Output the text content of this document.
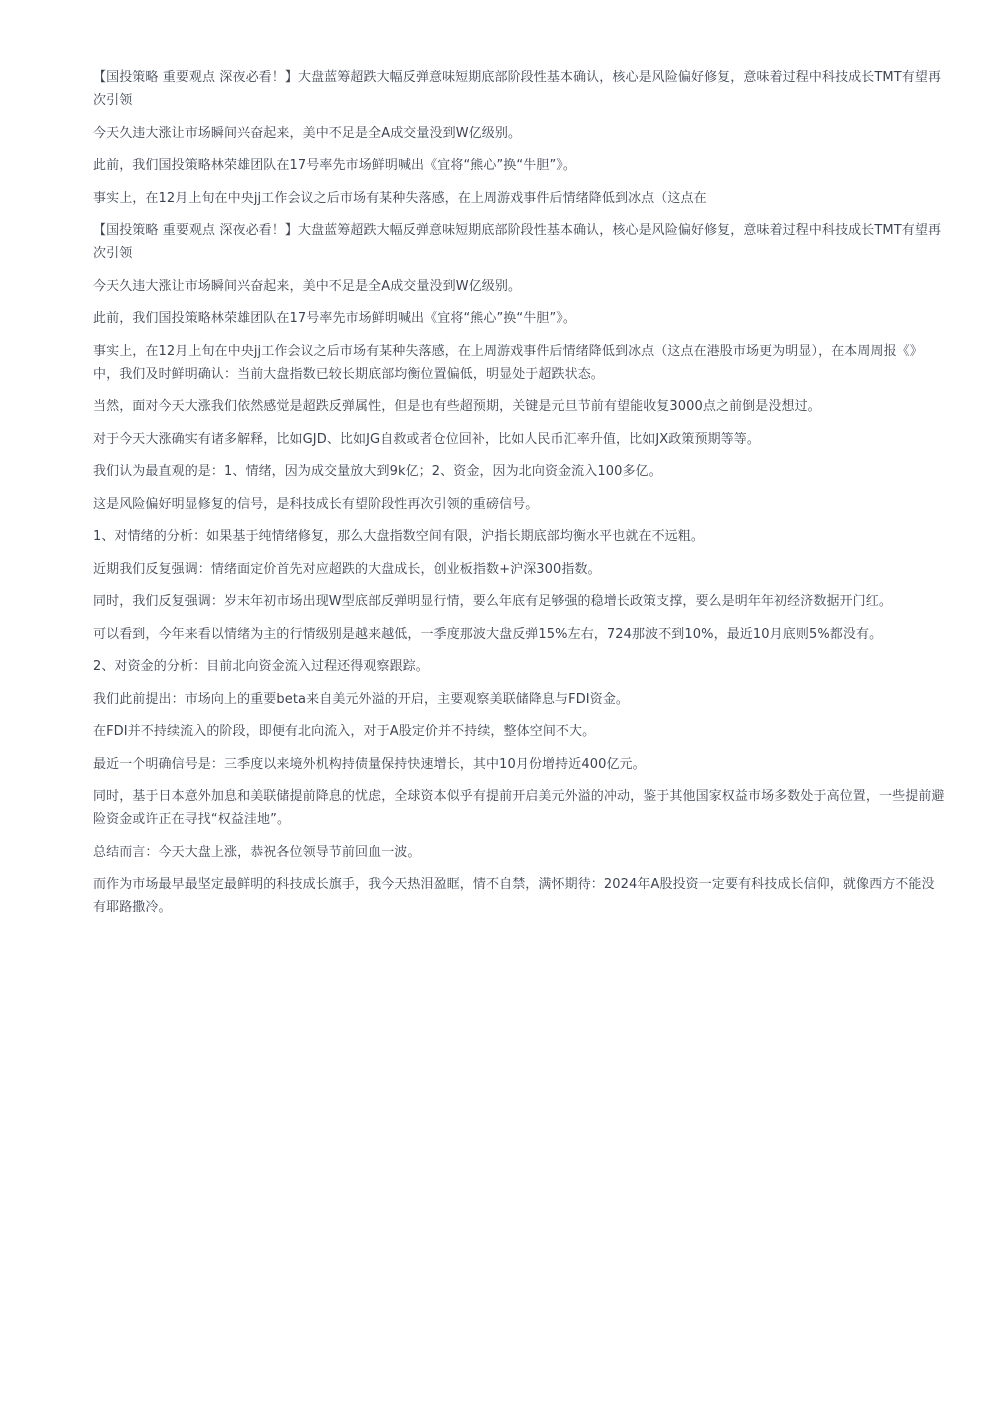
【国投策略 重要观点 深夜必看！】大盘蓝筹超跌大幅反弹意味短期底部阶段性基本确认，核心是风险偏好修复，意味着过程中科技成长TMT有望再次引领

今天久违大涨让市场瞬间兴奋起来，美中不足是全A成交量没到W亿级别。

此前，我们国投策略林荣雄团队在17号率先市场鲜明喊出《宜将“熊心”换“牛胆”》。

事实上，在12月上旬在中央jj工作会议之后市场有某种失落感，在上周游戏事件后情绪降低到冰点（这点在

【国投策略 重要观点 深夜必看！】大盘蓝筹超跌大幅反弹意味短期底部阶段性基本确认，核心是风险偏好修复，意味着过程中科技成长TMT有望再次引领

今天久违大涨让市场瞬间兴奋起来，美中不足是全A成交量没到W亿级别。

此前，我们国投策略林荣雄团队在17号率先市场鲜明喊出《宜将“熊心”换“牛胆”》。

事实上，在12月上旬在中央jj工作会议之后市场有某种失落感，在上周游戏事件后情绪降低到冰点（这点在港股市场更为明显），在本周周报《》中，我们及时鲜明确认：当前大盘指数已较长期底部均衡位置偏低，明显处于超跌状态。

当然，面对今天大涨我们依然感觉是超跌反弹属性，但是也有些超预期，关键是元旦节前有望能收复3000点之前倒是没想过。

对于今天大涨确实有诸多解释，比如GJD、比如JG自救或者仓位回补，比如人民币汇率升值，比如JX政策预期等等。

我们认为最直观的是：1、情绪，因为成交量放大到9k亿；2、资金，因为北向资金流入100多亿。

这是风险偏好明显修复的信号，是科技成长有望阶段性再次引领的重磅信号。

1、对情绪的分析：如果基于纯情绪修复，那么大盘指数空间有限，沪指长期底部均衡水平也就在不远粗。

近期我们反复强调：情绪面定价首先对应超跌的大盘成长，创业板指数+沪深300指数。

同时，我们反复强调：岁末年初市场出现W型底部反弹明显行情，要么年底有足够强的稳增长政策支撑，要么是明年年初经济数据开门红。

可以看到，今年来看以情绪为主的行情级别是越来越低，一季度那波大盘反弹15%左右，724那波不到10%，最近10月底则5%都没有。

2、对资金的分析：目前北向资金流入过程还得观察跟踪。

我们此前提出：市场向上的重要beta来自美元外溢的开启，主要观察美联储降息与FDI资金。

在FDI并不持续流入的阶段，即便有北向流入，对于A股定价并不持续，整体空间不大。

最近一个明确信号是：三季度以来境外机构持债量保持快速增长，其中10月份增持近400亿元。

同时，基于日本意外加息和美联储提前降息的忧虑，全球资本似乎有提前开启美元外溢的冲动，鉴于其他国家权益市场多数处于高位置，一些提前避险资金或许正在寻找“权益洼地”。

总结而言：今天大盘上涨，恭祝各位领导节前回血一波。

而作为市场最早最坚定最鲜明的科技成长旗手，我今天热泪盈眶，情不自禁，满怀期待：2024年A股投资一定要有科技成长信仰，就像西方不能没有耶路撒冷。
